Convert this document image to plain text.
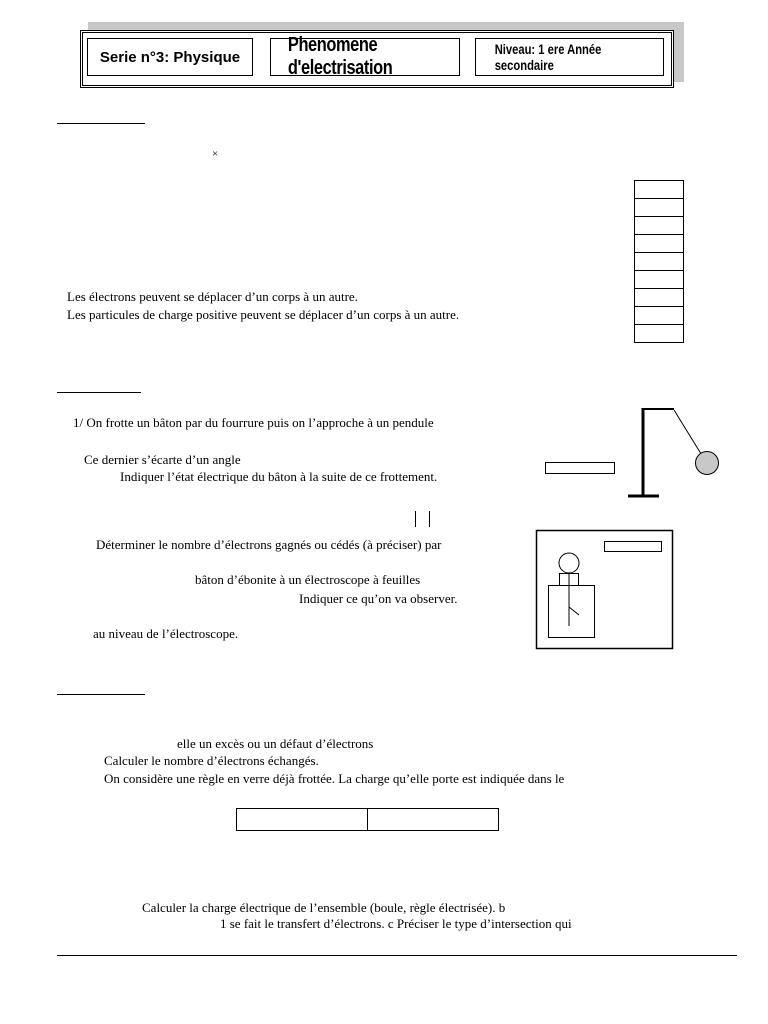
Serie n°3: Physique
Phenomene d'electrisation
Niveau: 1 ere Année secondaire
×
Les électrons peuvent se déplacer d’un corps à un autre.
Les particules de charge positive peuvent se déplacer d’un corps à un autre.
1/ On frotte un bâton par du fourrure puis on l’approche à un pendule
Ce dernier s’écarte d’un angle
Indiquer l’état électrique du bâton à la suite de ce frottement.
Déterminer le nombre d’électrons gagnés ou cédés (à préciser) par
bâton d’ébonite à un électroscope à feuilles
Indiquer ce qu’on va observer.
au niveau de l’électroscope.
elle un excès ou un défaut d’électrons
Calculer le nombre d’électrons échangés.
On considère une règle en verre déjà frottée. La charge qu’elle porte est indiquée dans le
Calculer la charge électrique de l’ensemble (boule, règle électrisée). b
1 se fait le transfert d’électrons. c Préciser le type d’intersection qui
